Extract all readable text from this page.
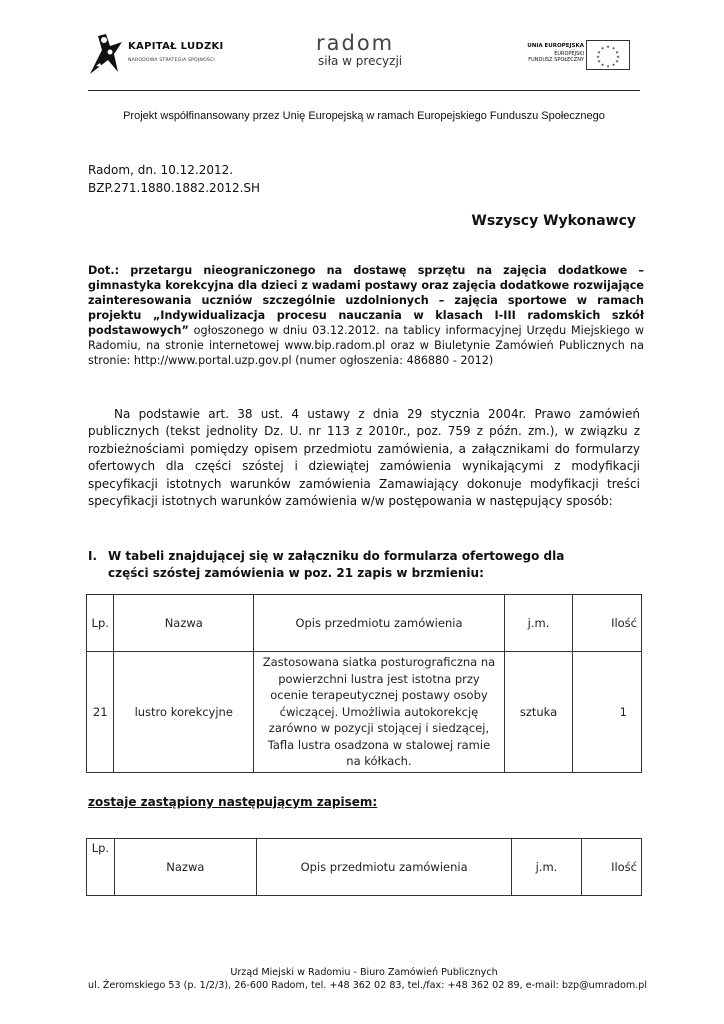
KAPITAŁ LUDZKI
NARODOWA STRATEGIA SPÓJNOŚCI
radom
siła w precyzji
UNIA EUROPEJSKA
EUROPEJSKI
FUNDUSZ SPOŁECZNY
★ ★
★
★
★
★
★
★
★
★
★
★
Projekt współfinansowany przez Unię Europejską w ramach Europejskiego Funduszu Społecznego
Radom, dn. 10.12.2012.
BZP.271.1880.1882.2012.SH
Wszyscy Wykonawcy
Dot.: przetargu nieograniczonego na dostawę sprzętu na zajęcia dodatkowe – gimnastyka korekcyjna dla dzieci z wadami postawy oraz zajęcia dodatkowe rozwijające zainteresowania uczniów szczególnie uzdolnionych – zajęcia sportowe w ramach projektu „Indywidualizacja procesu nauczania w klasach I-III radomskich szkół podstawowych” ogłoszonego w dniu 03.12.2012. na tablicy informacyjnej Urzędu Miejskiego w Radomiu, na stronie internetowej www.bip.radom.pl oraz w Biuletynie Zamówień Publicznych na stronie: http://www.portal.uzp.gov.pl (numer ogłoszenia: 486880 - 2012)
Na podstawie art. 38 ust. 4 ustawy z dnia 29 stycznia 2004r. Prawo zamówień publicznych (tekst jednolity Dz. U. nr 113 z 2010r., poz. 759 z późn. zm.), w związku z rozbieżnościami pomiędzy opisem przedmiotu zamówienia, a załącznikami do formularzy ofertowych dla części szóstej i dziewiątej zamówienia wynikającymi z modyfikacji specyfikacji istotnych warunków zamówienia Zamawiający dokonuje modyfikacji treści specyfikacji istotnych warunków zamówienia w/w postępowania w następujący sposób:
I. W tabeli znajdującej się w załączniku do formularza ofertowego dla części szóstej zamówienia w poz. 21 zapis w brzmieniu:
Lp.	Nazwa	Opis przedmiotu zamówienia	j.m.	Ilość
21	lustro korekcyjne	Zastosowana siatka posturograficzna na powierzchni lustra jest istotna przy ocenie terapeutycznej postawy osoby ćwiczącej. Umożliwia autokorekcję zarówno w pozycji stojącej i siedzącej, Tafla lustra osadzona w stalowej ramie na kółkach.	sztuka	1
zostaje zastąpiony następującym zapisem:
Lp.	Nazwa	Opis przedmiotu zamówienia	j.m.	Ilość
Urząd Miejski w Radomiu - Biuro Zamówień Publicznych
ul. Żeromskiego 53 (p. 1/2/3), 26-600 Radom, tel. +48 362 02 83, tel./fax: +48 362 02 89, e-mail: bzp@umradom.pl
